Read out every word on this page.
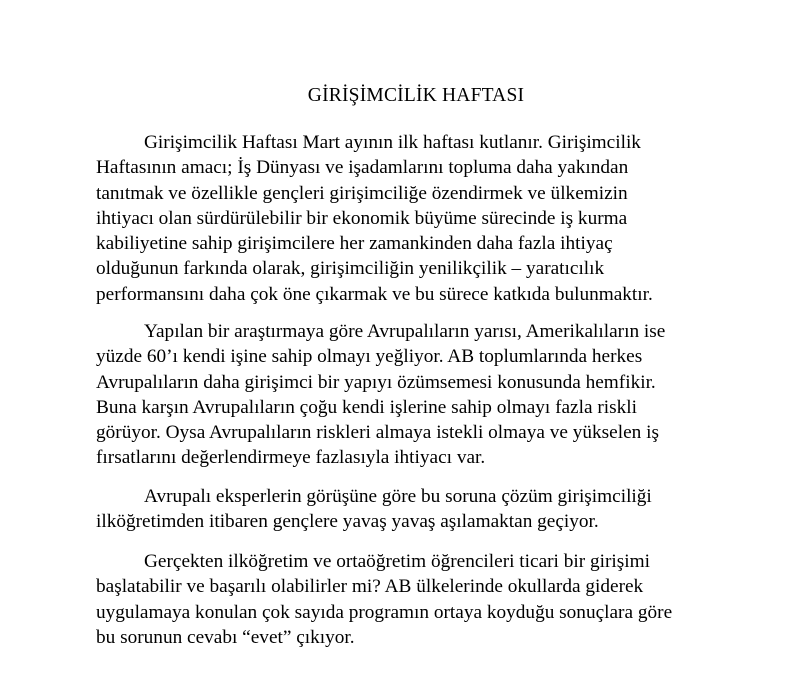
GİRİŞİMCİLİK HAFTASI
Girişimcilik Haftası Mart ayının ilk haftası kutlanır. Girişimcilik
Haftasının amacı; İş Dünyası ve işadamlarını topluma daha yakından
tanıtmak ve özellikle gençleri girişimciliğe özendirmek ve ülkemizin
ihtiyacı olan sürdürülebilir bir ekonomik büyüme sürecinde iş kurma
kabiliyetine sahip girişimcilere her zamankinden daha fazla ihtiyaç
olduğunun farkında olarak, girişimciliğin yenilikçilik – yaratıcılık
performansını daha çok öne çıkarmak ve bu sürece katkıda bulunmaktır.
Yapılan bir araştırmaya göre Avrupalıların yarısı, Amerikalıların ise
yüzde 60’ı kendi işine sahip olmayı yeğliyor. AB toplumlarında herkes
Avrupalıların daha girişimci bir yapıyı özümsemesi konusunda hemfikir.
Buna karşın Avrupalıların çoğu kendi işlerine sahip olmayı fazla riskli
görüyor. Oysa Avrupalıların riskleri almaya istekli olmaya ve yükselen iş
fırsatlarını değerlendirmeye fazlasıyla ihtiyacı var.
Avrupalı eksperlerin görüşüne göre bu soruna çözüm girişimciliği
ilköğretimden itibaren gençlere yavaş yavaş aşılamaktan geçiyor.
Gerçekten ilköğretim ve ortaöğretim öğrencileri ticari bir girişimi
başlatabilir ve başarılı olabilirler mi? AB ülkelerinde okullarda giderek
uygulamaya konulan çok sayıda programın ortaya koyduğu sonuçlara göre
bu sorunun cevabı “evet” çıkıyor.
